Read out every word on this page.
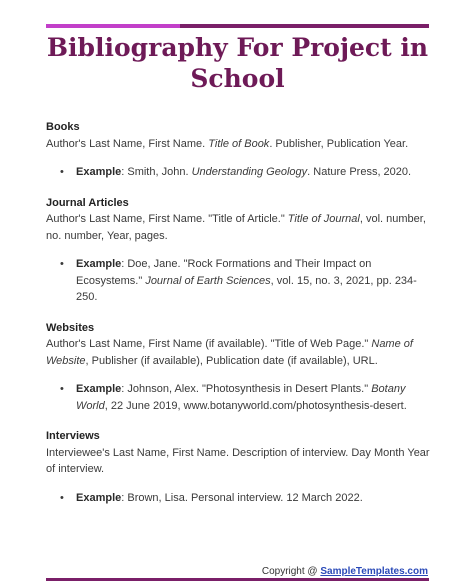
Bibliography For Project in School

Books

Author's Last Name, First Name. Title of Book. Publisher, Publication Year.

•	Example: Smith, John. Understanding Geology. Nature Press, 2020.

Journal Articles

Author's Last Name, First Name. "Title of Article." Title of Journal, vol. number, no. number, Year, pages.

•	Example: Doe, Jane. "Rock Formations and Their Impact on Ecosystems." Journal of Earth Sciences, vol. 15, no. 3, 2021, pp. 234-250.

Websites

Author's Last Name, First Name (if available). "Title of Web Page." Name of Website, Publisher (if available), Publication date (if available), URL.

•	Example: Johnson, Alex. "Photosynthesis in Desert Plants." Botany World, 22 June 2019, www.botanyworld.com/photosynthesis-desert.

Interviews

Interviewee's Last Name, First Name. Description of interview. Day Month Year of interview.

•	Example: Brown, Lisa. Personal interview. 12 March 2022.
Copyright @ SampleTemplates.com
